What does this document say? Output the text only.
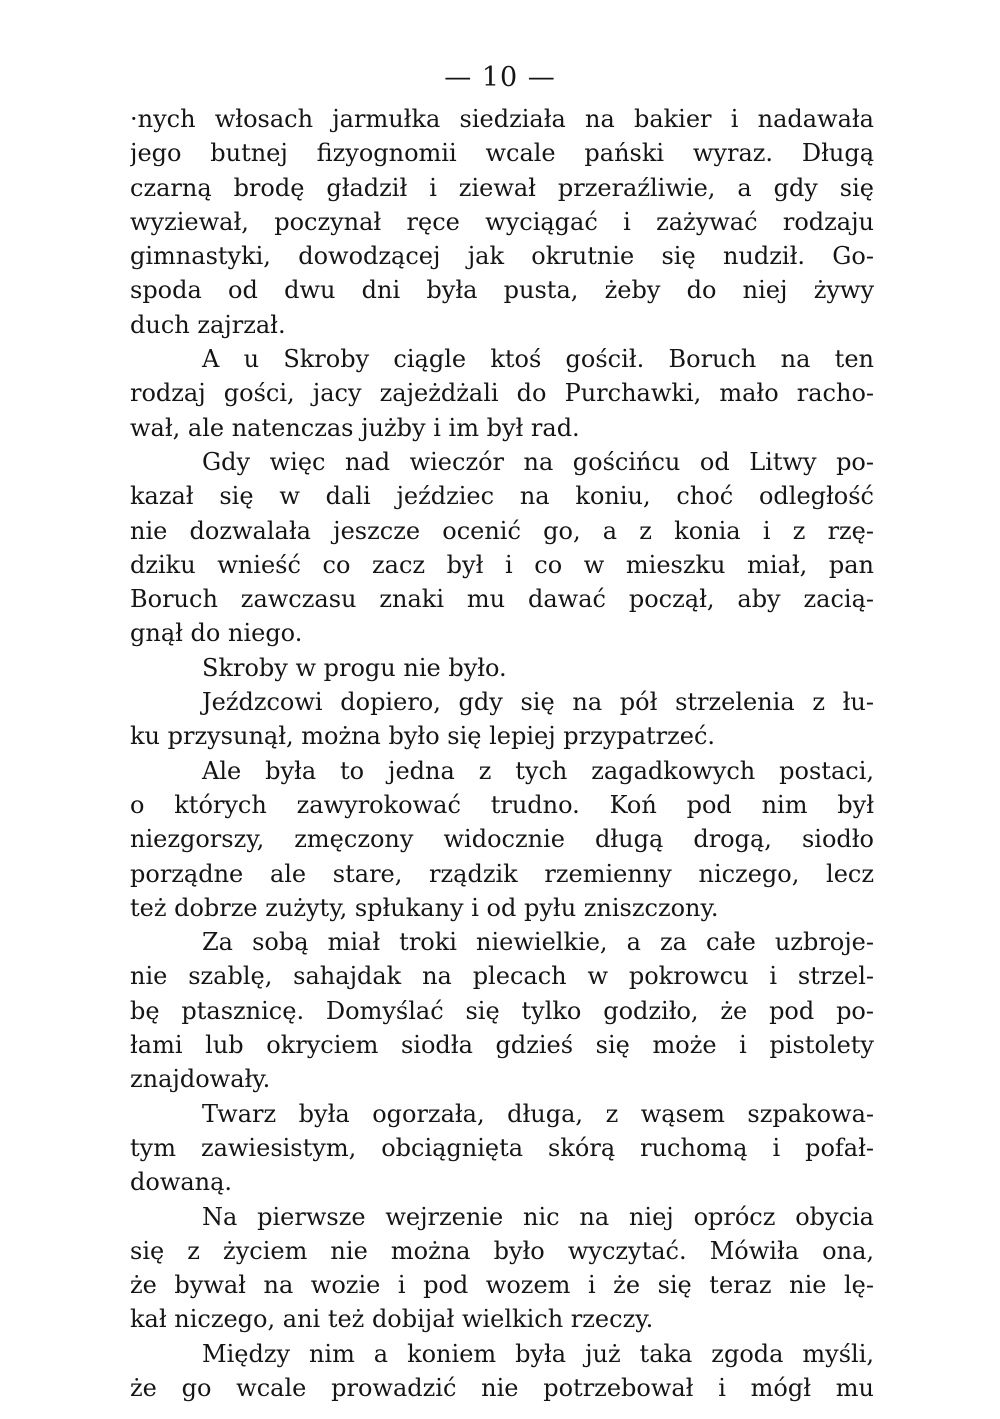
— 10 —
·nych włosach jarmułka siedziała na bakier i nadawała
jego butnej fizyognomii wcale pański wyraz. Długą
czarną brodę gładził i ziewał przeraźliwie, a gdy się
wyziewał, poczynał ręce wyciągać i zażywać rodzaju
gimnastyki, dowodzącej jak okrutnie się nudził. Go-
spoda od dwu dni była pusta, żeby do niej żywy
duch zajrzał.
A u Skroby ciągle ktoś gościł. Boruch na ten
rodzaj gości, jacy zajeżdżali do Purchawki, mało racho-
wał, ale natenczas jużby i im był rad.
Gdy więc nad wieczór na gościńcu od Litwy po-
kazał się w dali jeździec na koniu, choć odległość
nie dozwalała jeszcze ocenić go, a z konia i z rzę-
dziku wnieść co zacz był i co w mieszku miał, pan
Boruch zawczasu znaki mu dawać począł, aby zacią-
gnął do niego.
Skroby w progu nie było.
Jeźdzcowi dopiero, gdy się na pół strzelenia z łu-
ku przysunął, można było się lepiej przypatrzeć.
Ale była to jedna z tych zagadkowych postaci,
o których zawyrokować trudno. Koń pod nim był
niezgorszy, zmęczony widocznie długą drogą, siodło
porządne ale stare, rządzik rzemienny niczego, lecz
też dobrze zużyty, spłukany i od pyłu zniszczony.
Za sobą miał troki niewielkie, a za całe uzbroje-
nie szablę, sahajdak na plecach w pokrowcu i strzel-
bę ptasznicę. Domyślać się tylko godziło, że pod po-
łami lub okryciem siodła gdzieś się może i pistolety
znajdowały.
Twarz była ogorzała, długa, z wąsem szpakowa-
tym zawiesistym, obciągnięta skórą ruchomą i pofał-
dowaną.
Na pierwsze wejrzenie nic na niej oprócz obycia
się z życiem nie można było wyczytać. Mówiła ona,
że bywał na wozie i pod wozem i że się teraz nie lę-
kał niczego, ani też dobijał wielkich rzeczy.
Między nim a koniem była już taka zgoda myśli,
że go wcale prowadzić nie potrzebował i mógł mu
